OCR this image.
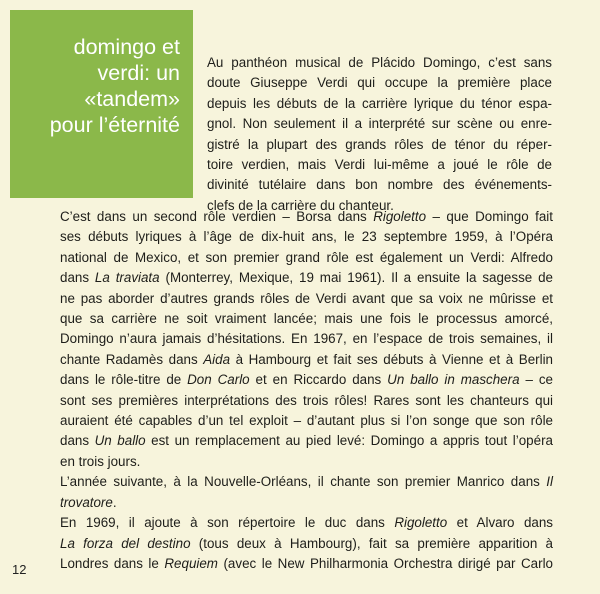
domingo et
verdi: un
«tandem»
pour l’éternité

Au panthéon musical de Plácido Domingo, c’est sans
doute Giuseppe Verdi qui occupe la première place
depuis les débuts de la carrière lyrique du ténor espa-
gnol. Non seulement il a interprété sur scène ou enre-
gistré la plupart des grands rôles de ténor du réper-
toire verdien, mais Verdi lui-même a joué le rôle de
divinité tutélaire dans bon nombre des événements-
clefs de la carrière du chanteur.

C’est dans un second rôle verdien – Borsa dans Rigoletto – que Domingo fait
ses débuts lyriques à l’âge de dix-huit ans, le 23 septembre 1959, à l’Opéra
national de Mexico, et son premier grand rôle est également un Verdi: Alfredo
dans La traviata (Monterrey, Mexique, 19 mai 1961). Il a ensuite la sagesse de
ne pas aborder d’autres grands rôles de Verdi avant que sa voix ne mûrisse et
que sa carrière ne soit vraiment lancée; mais une fois le processus amorcé,
Domingo n’aura jamais d’hésitations. En 1967, en l’espace de trois semaines, il
chante Radamès dans Aida à Hambourg et fait ses débuts à Vienne et à Berlin
dans le rôle-titre de Don Carlo et en Riccardo dans Un ballo in maschera – ce
sont ses premières interprétations des trois rôles! Rares sont les chanteurs qui
auraient été capables d’un tel exploit – d’autant plus si l’on songe que son rôle
dans Un ballo est un remplacement au pied levé: Domingo a appris tout l’opéra
en trois jours.
L’année suivante, à la Nouvelle-Orléans, il chante son premier Manrico dans Il
trovatore.
En 1969, il ajoute à son répertoire le duc dans Rigoletto et Alvaro dans
La forza del destino (tous deux à Hambourg), fait sa première apparition à
Londres dans le Requiem (avec le New Philharmonia Orchestra dirigé par Carlo

12
